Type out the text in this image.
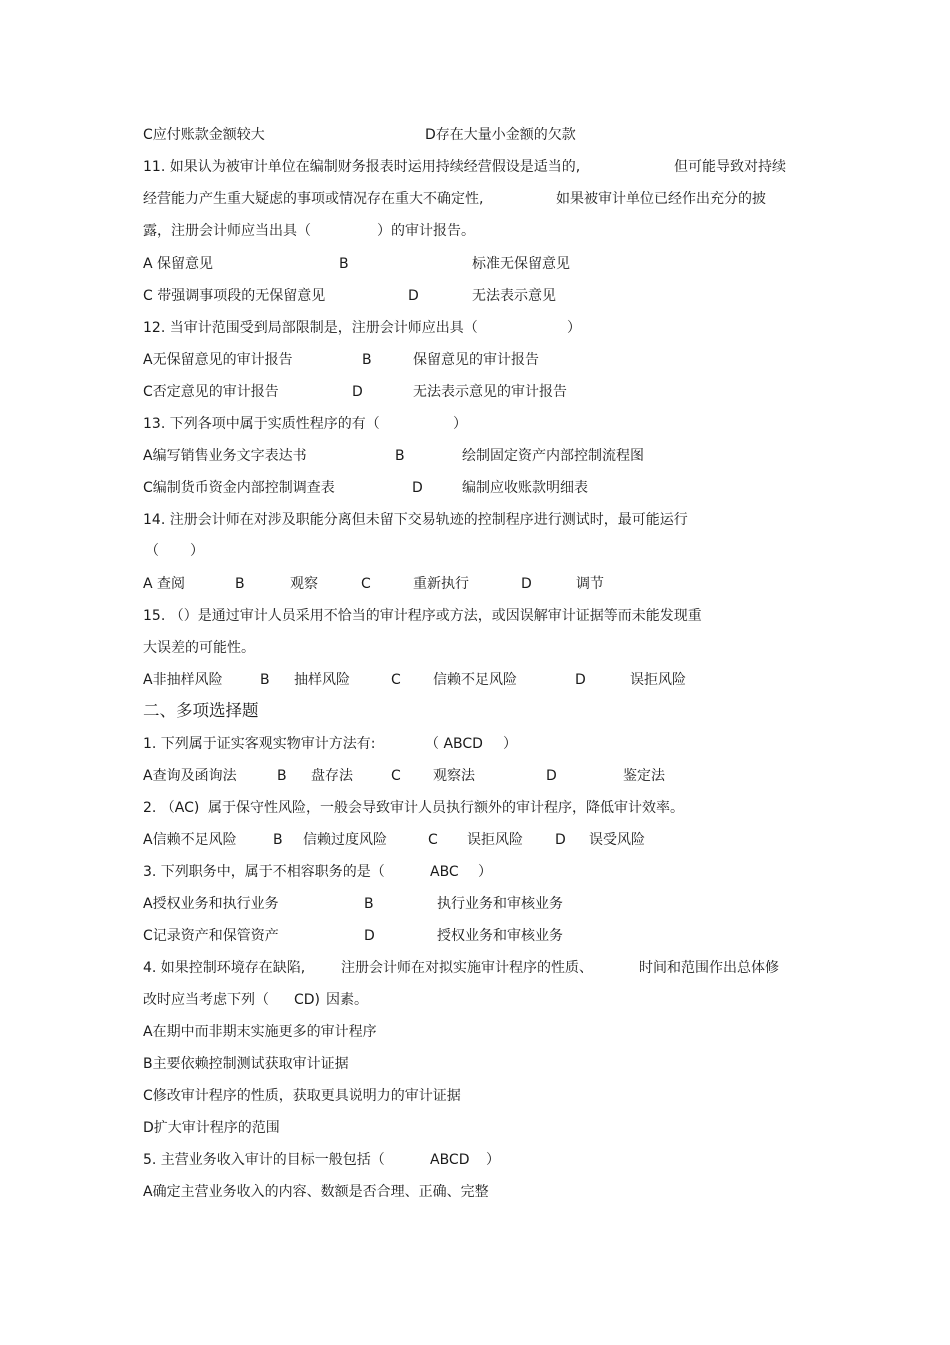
C应付账款金额较大	D存在大量小金额的欠款
11. 如果认为被审计单位在编制财务报表时运用持续经营假设是适当的,	但可能导致对持续
经营能力产生重大疑虑的事项或情况存在重大不确定性,	如果被审计单位已经作出充分的披
露，注册会计师应当出具（	）的审计报告。
A 保留意见	B	标准无保留意见
C 带强调事项段的无保留意见	D	无法表示意见
12. 当审计范围受到局部限制是，注册会计师应出具（	）
A无保留意见的审计报告	B	保留意见的审计报告
C否定意见的审计报告	D	无法表示意见的审计报告
13. 下列各项中属于实质性程序的有（	）
A编写销售业务文字表达书	B	绘制固定资产内部控制流程图
C编制货币资金内部控制调查表	D	编制应收账款明细表
14. 注册会计师在对涉及职能分离但未留下交易轨迹的控制程序进行测试时，最可能运行
（ ）
A 查阅	B	观察	C	重新执行	D	调节
15. （）是通过审计人员采用不恰当的审计程序或方法，或因误解审计证据等而未能发现重
大误差的可能性。
A非抽样风险	B 抽样风险	C 信赖不足风险	D	误拒风险
二、多项选择题
1. 下列属于证实客观实物审计方法有:	（ ABCD ）
A查询及函询法	B 盘存法	C 观察法	D	鉴定法
2. （AC) 属于保守性风险，一般会导致审计人员执行额外的审计程序，降低审计效率。
A信赖不足风险	B 信赖过度风险	C 误拒风险 D 误受风险
3. 下列职务中，属于不相容职务的是（	ABC ）
A授权业务和执行业务	B	执行业务和审核业务
C记录资产和保管资产	D	授权业务和审核业务
4. 如果控制环境存在缺陷,	注册会计师在对拟实施审计程序的性质、	时间和范围作出总体修
改时应当考虑下列（ CD) 因素。
A在期中而非期末实施更多的审计程序
B主要依赖控制测试获取审计证据
C修改审计程序的性质，获取更具说明力的审计证据
D扩大审计程序的范围
5. 主营业务收入审计的目标一般包括（	ABCD ）
A确定主营业务收入的内容、数额是否合理、正确、完整
